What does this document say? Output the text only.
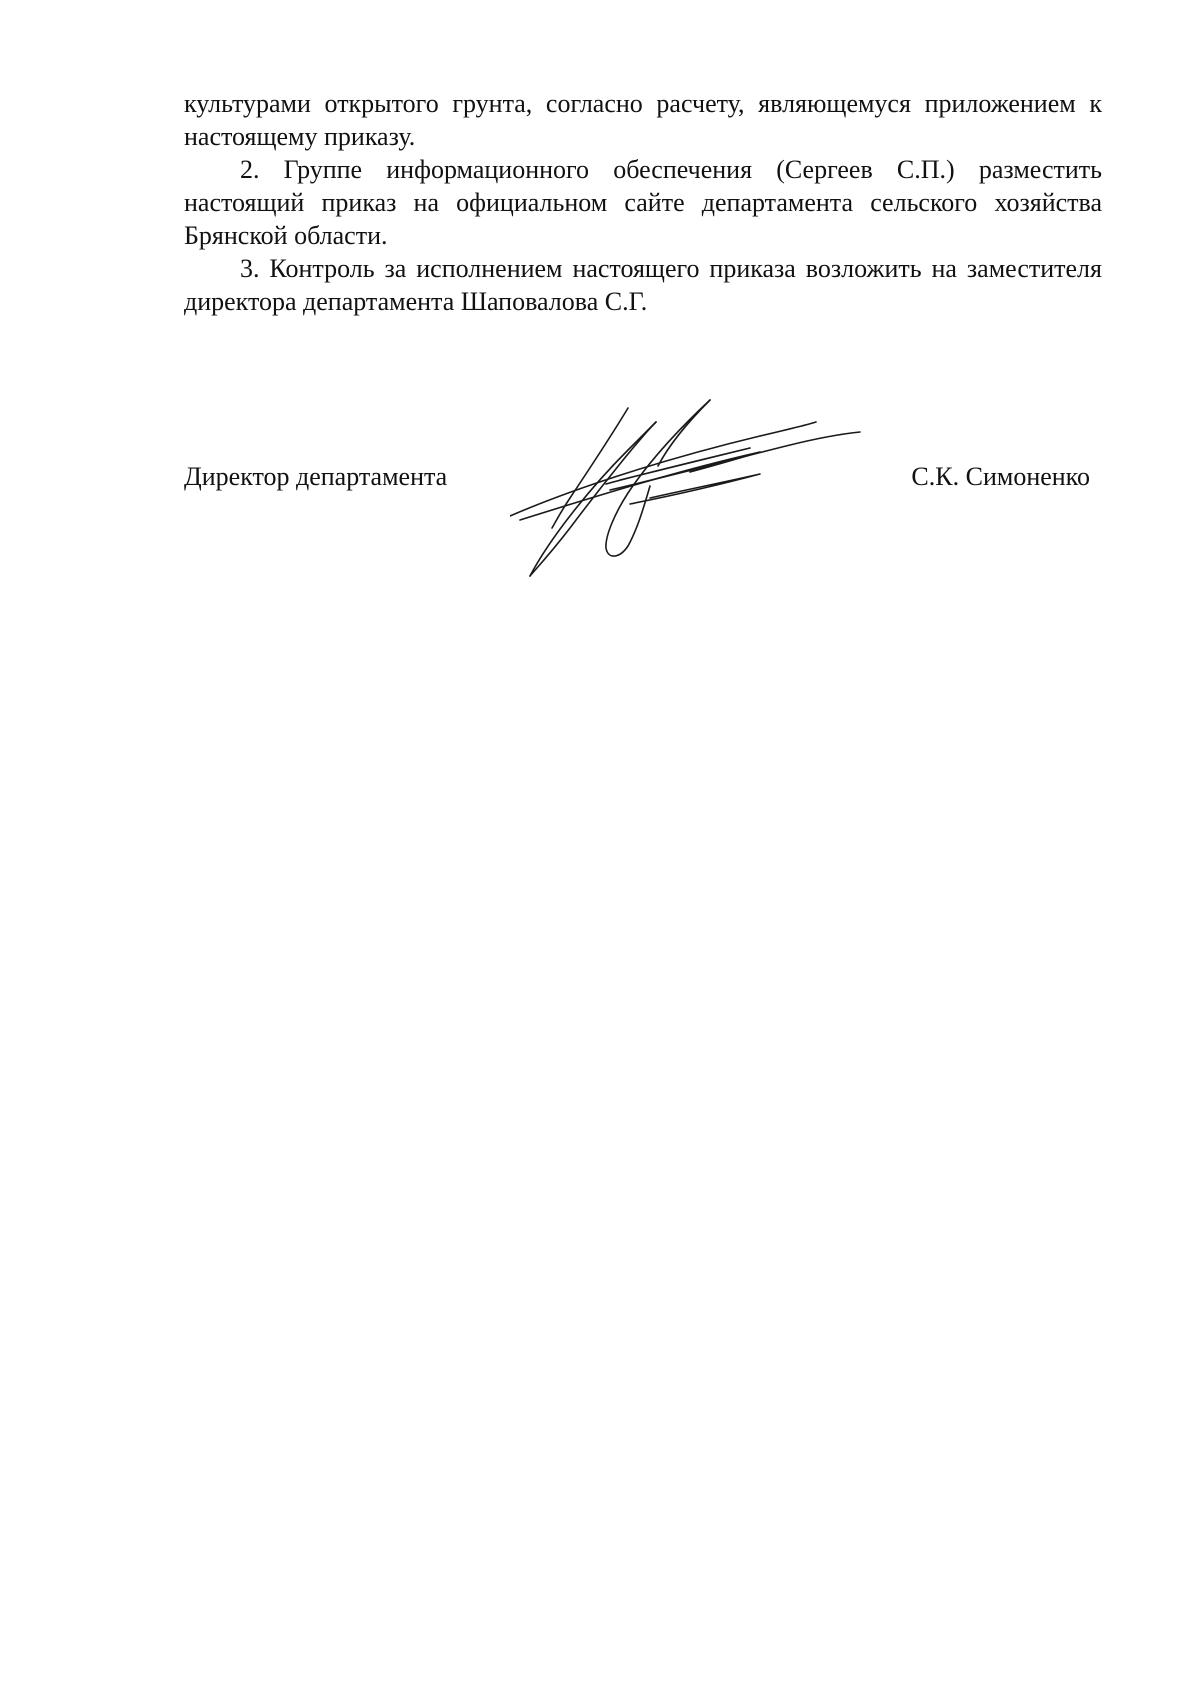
культурами открытого грунта, согласно расчету, являющемуся приложением к настоящему приказу.

2. Группе информационного обеспечения (Сергеев С.П.) разместить настоящий приказ на официальном сайте департамента сельского хозяйства Брянской области.

3. Контроль за исполнением настоящего приказа возложить на заместителя директора департамента Шаповалова С.Г.

Директор департамента	С.К. Симоненко
